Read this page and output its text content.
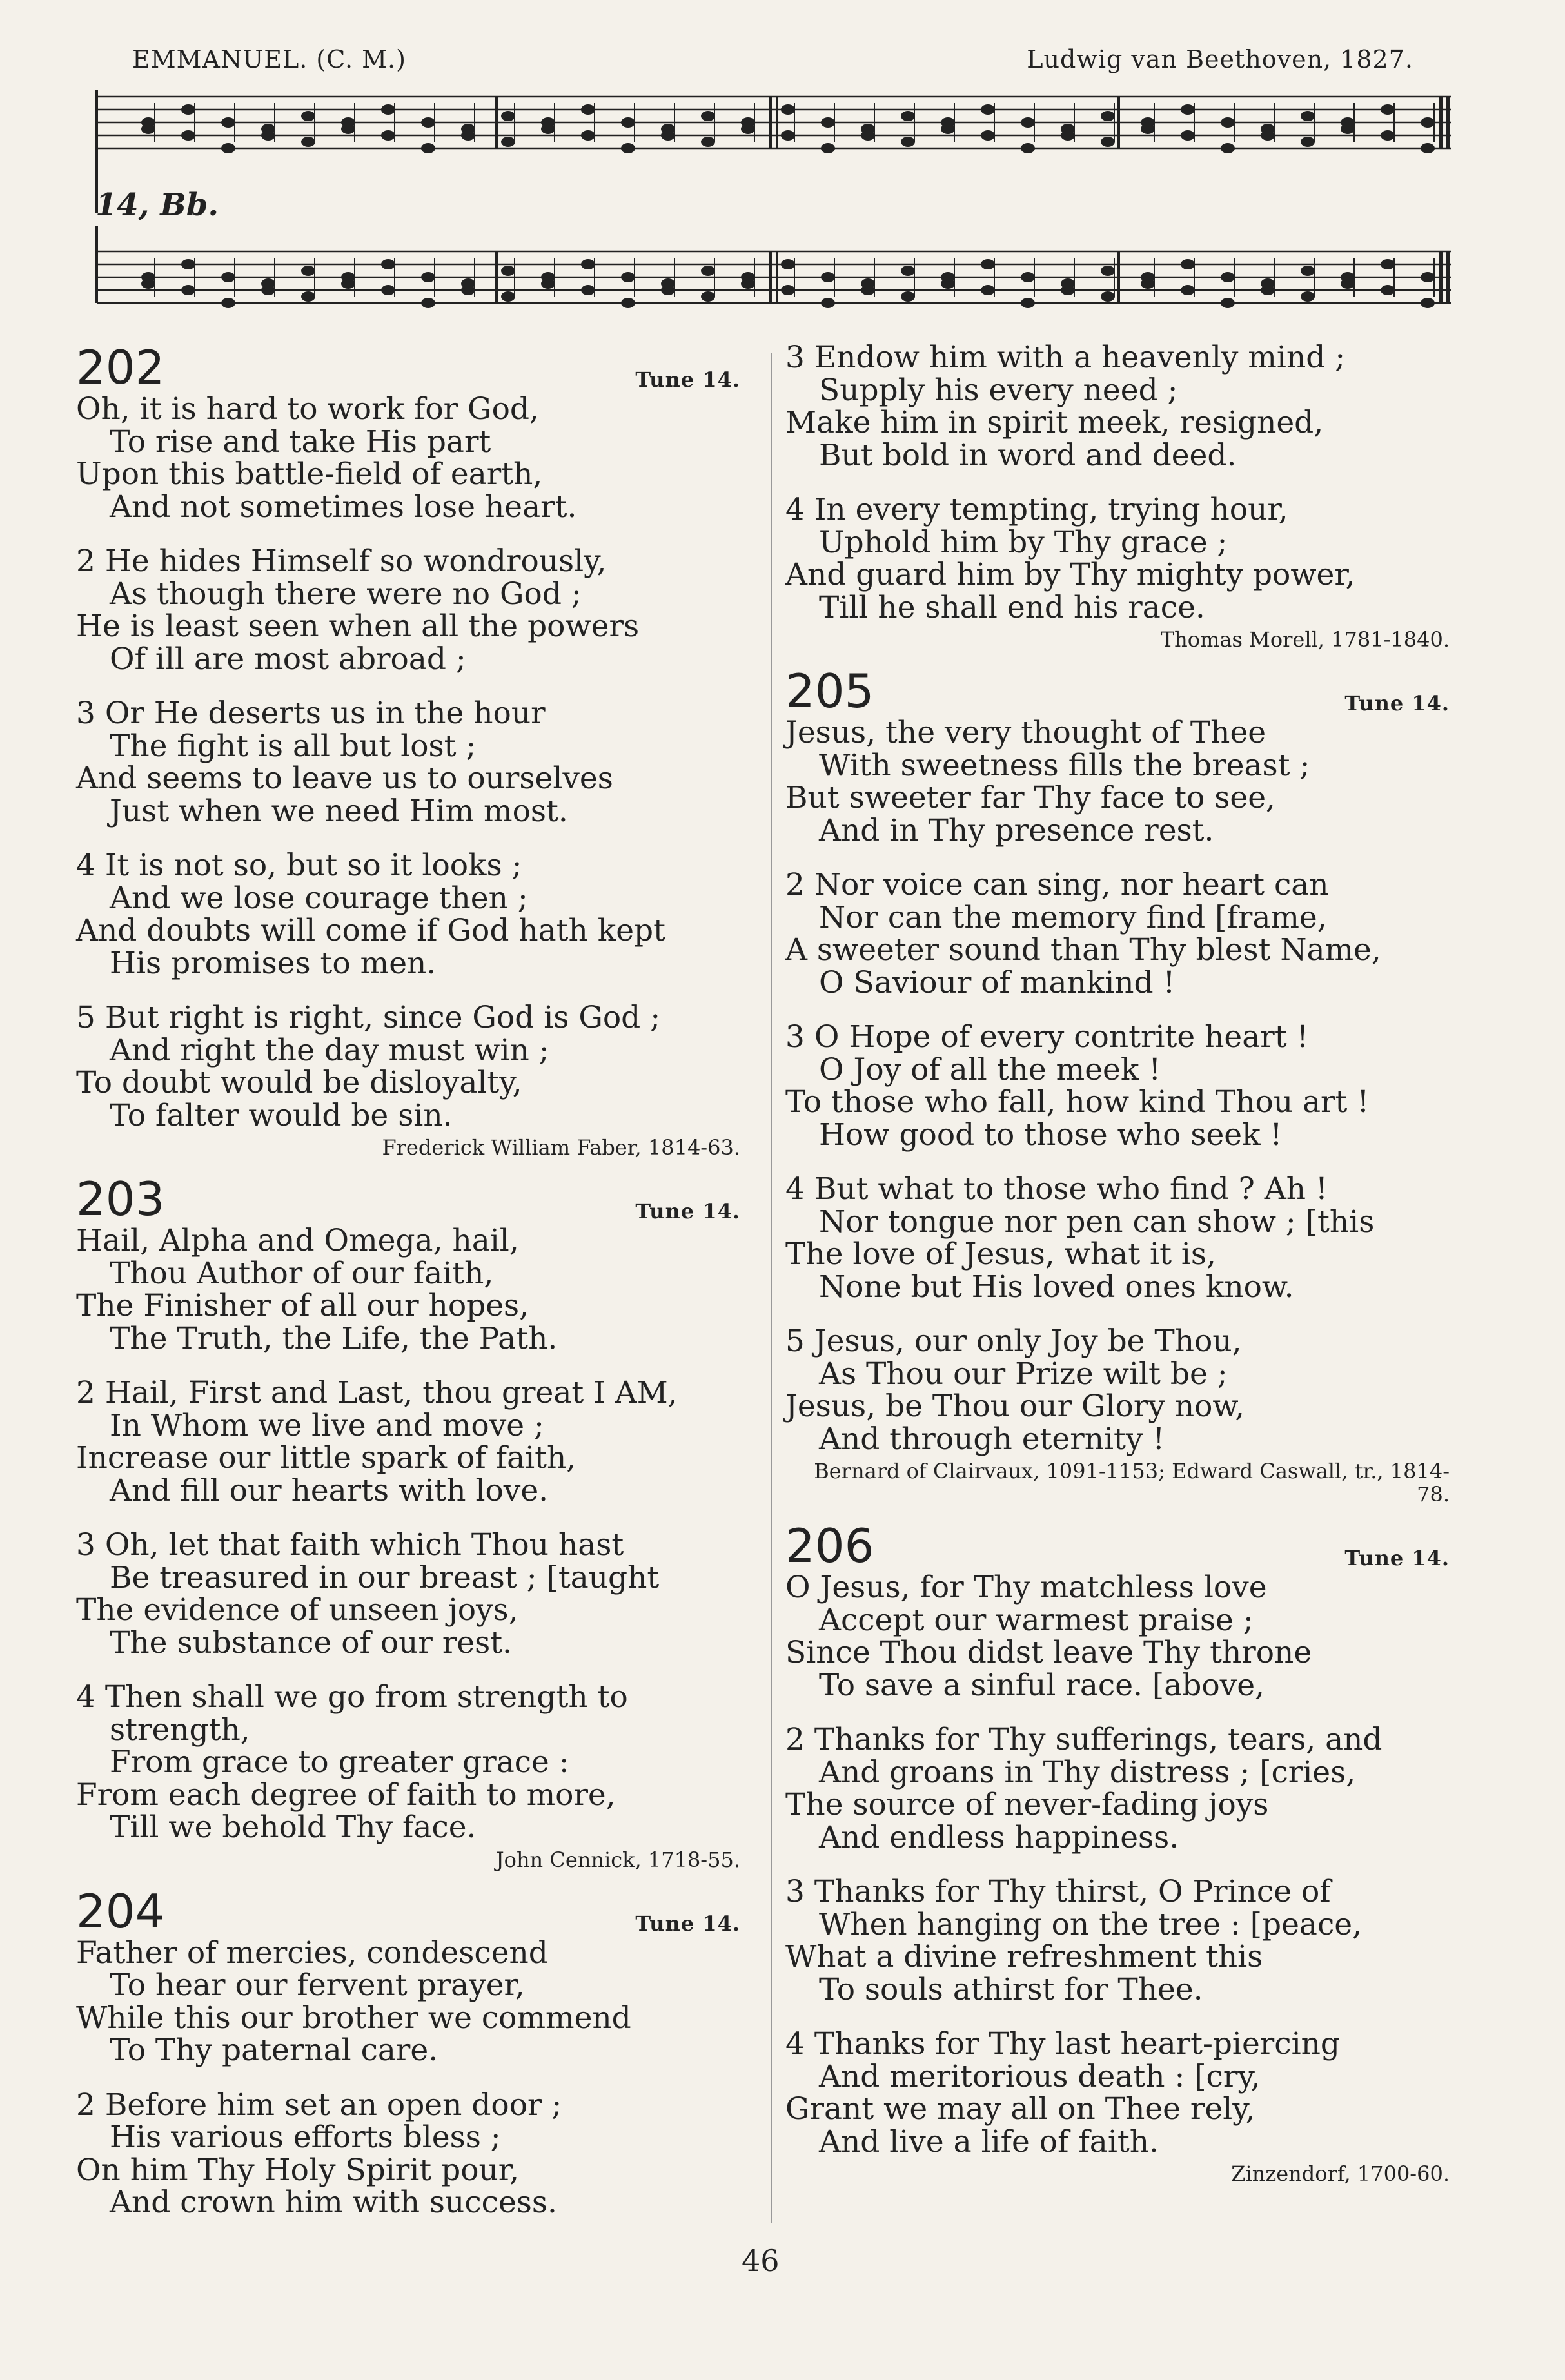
EMMANUEL. (C. M.)	Ludwig van Beethoven, 1827.
14, Bb.
202	Tune 14.
Oh, it is hard to work for God,
To rise and take His part
Upon this battle-field of earth,
And not sometimes lose heart.
2 He hides Himself so wondrously,
As though there were no God ;
He is least seen when all the powers
Of ill are most abroad ;
3 Or He deserts us in the hour
The fight is all but lost ;
And seems to leave us to ourselves
Just when we need Him most.
4 It is not so, but so it looks ;
And we lose courage then ;
And doubts will come if God hath kept
His promises to men.
5 But right is right, since God is God ;
And right the day must win ;
To doubt would be disloyalty,
To falter would be sin.
Frederick William Faber, 1814-63.
203	Tune 14.
Hail, Alpha and Omega, hail,
Thou Author of our faith,
The Finisher of all our hopes,
The Truth, the Life, the Path.
2 Hail, First and Last, thou great I AM,
In Whom we live and move ;
Increase our little spark of faith,
And fill our hearts with love.
3 Oh, let that faith which Thou hast
Be treasured in our breast ; [taught
The evidence of unseen joys,
The substance of our rest.
4 Then shall we go from strength to
strength,
From grace to greater grace :
From each degree of faith to more,
Till we behold Thy face.
John Cennick, 1718-55.
204	Tune 14.
Father of mercies, condescend
To hear our fervent prayer,
While this our brother we commend
To Thy paternal care.
2 Before him set an open door ;
His various efforts bless ;
On him Thy Holy Spirit pour,
And crown him with success.
3 Endow him with a heavenly mind ;
Supply his every need ;
Make him in spirit meek, resigned,
But bold in word and deed.
4 In every tempting, trying hour,
Uphold him by Thy grace ;
And guard him by Thy mighty power,
Till he shall end his race.
Thomas Morell, 1781-1840.
205	Tune 14.
Jesus, the very thought of Thee
With sweetness fills the breast ;
But sweeter far Thy face to see,
And in Thy presence rest.
2 Nor voice can sing, nor heart can
Nor can the memory find [frame,
A sweeter sound than Thy blest Name,
O Saviour of mankind !
3 O Hope of every contrite heart !
O Joy of all the meek !
To those who fall, how kind Thou art !
How good to those who seek !
4 But what to those who find ? Ah !
Nor tongue nor pen can show ; [this
The love of Jesus, what it is,
None but His loved ones know.
5 Jesus, our only Joy be Thou,
As Thou our Prize wilt be ;
Jesus, be Thou our Glory now,
And through eternity !
Bernard of Clairvaux, 1091-1153; Edward Caswall, tr., 1814-78.
206	Tune 14.
O Jesus, for Thy matchless love
Accept our warmest praise ;
Since Thou didst leave Thy throne
To save a sinful race. [above,
2 Thanks for Thy sufferings, tears, and
And groans in Thy distress ; [cries,
The source of never-fading joys
And endless happiness.
3 Thanks for Thy thirst, O Prince of
When hanging on the tree : [peace,
What a divine refreshment this
To souls athirst for Thee.
4 Thanks for Thy last heart-piercing
And meritorious death : [cry,
Grant we may all on Thee rely,
And live a life of faith.
Zinzendorf, 1700-60.
46
